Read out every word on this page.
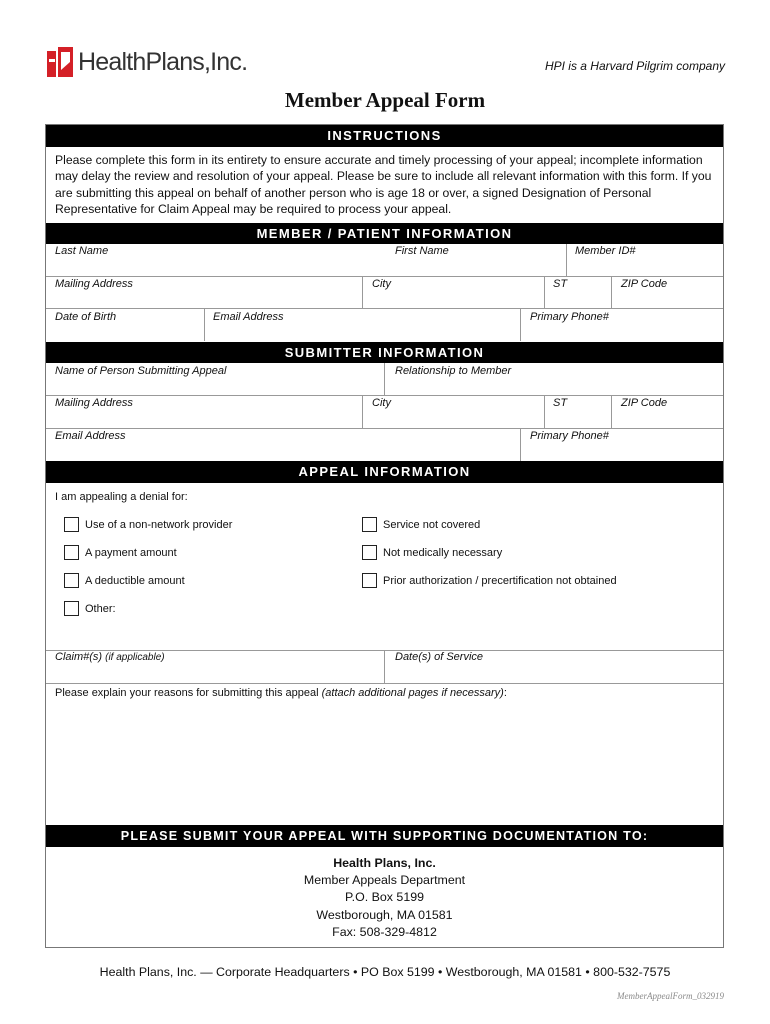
HealthPlans,Inc.	HPI is a Harvard Pilgrim company
Member Appeal Form
INSTRUCTIONS
Please complete this form in its entirety to ensure accurate and timely processing of your appeal; incomplete information may delay the review and resolution of your appeal. Please be sure to include all relevant information with this form. If you are submitting this appeal on behalf of another person who is age 18 or over, a signed Designation of Personal Representative for Claim Appeal may be required to process your appeal.
MEMBER / PATIENT INFORMATION
Last Name	First Name	Member ID#
Mailing Address	City	ST	ZIP Code
Date of Birth	Email Address	Primary Phone#
SUBMITTER INFORMATION
Name of Person Submitting Appeal	Relationship to Member
Mailing Address	City	ST	ZIP Code
Email Address	Primary Phone#
APPEAL INFORMATION
I am appealing a denial for:
Use of a non-network provider
A payment amount
A deductible amount
Other:
Service not covered
Not medically necessary
Prior authorization / precertification not obtained
Claim#(s) (if applicable)	Date(s) of Service
Please explain your reasons for submitting this appeal (attach additional pages if necessary):
PLEASE SUBMIT YOUR APPEAL WITH SUPPORTING DOCUMENTATION TO:
Health Plans, Inc.
Member Appeals Department
P.O. Box 5199
Westborough, MA 01581
Fax: 508-329-4812
Health Plans, Inc. — Corporate Headquarters • PO Box 5199 • Westborough, MA 01581 • 800-532-7575
MemberAppealForm_032919
